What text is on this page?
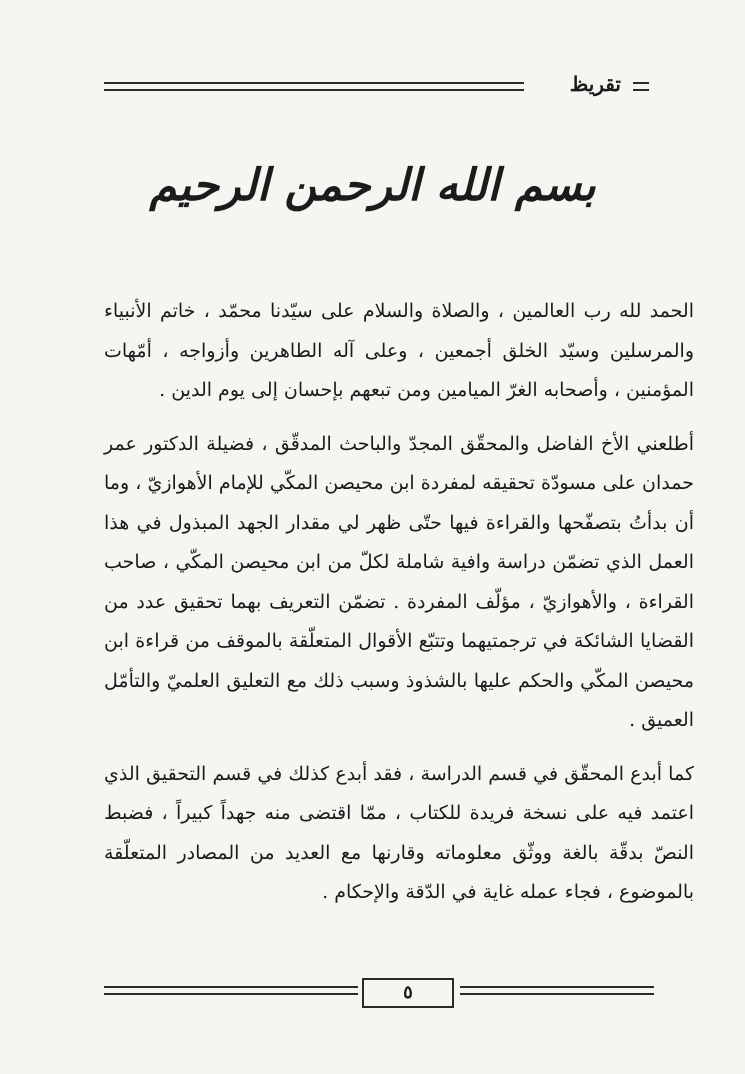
تقريظ
بسم الله الرحمن الرحيم

الحمد لله رب العالمين ، والصلاة والسلام على سيّدنا محمّد ، خاتم الأنبياء والمرسلين وسيّد الخلق أجمعين ، وعلى آله الطاهرين وأزواجه ، أمّهات المؤمنين ، وأصحابه الغرّ الميامين ومن تبعهم بإحسان إلى يوم الدين .

أطلعني الأخ الفاضل والمحقّق المجدّ والباحث المدقّق ، فضيلة الدكتور عمر حمدان على مسودّة تحقيقه لمفردة ابن محيصن المكّي للإمام الأهوازيّ ، وما أن بدأتُ بتصفّحها والقراءة فيها حتّى ظهر لي مقدار الجهد المبذول في هذا العمل الذي تضمّن دراسة وافية شاملة لكلّ من ابن محيصن المكّي ، صاحب القراءة ، والأهوازيّ ، مؤلّف المفردة . تضمّن التعريف بهما تحقيق عدد من القضايا الشائكة في ترجمتيهما وتتبّع الأقوال المتعلّقة بالموقف من قراءة ابن محيصن المكّي والحكم عليها بالشذوذ وسبب ذلك مع التعليق العلميّ والتأمّل العميق .

كما أبدع المحقّق في قسم الدراسة ، فقد أبدع كذلك في قسم التحقيق الذي اعتمد فيه على نسخة فريدة للكتاب ، ممّا اقتضى منه جهداً كبيراً ، فضبط النصّ بدقّة بالغة ووثّق معلوماته وقارنها مع العديد من المصادر المتعلّقة بالموضوع ، فجاء عمله غاية في الدّقة والإحكام .

٥
